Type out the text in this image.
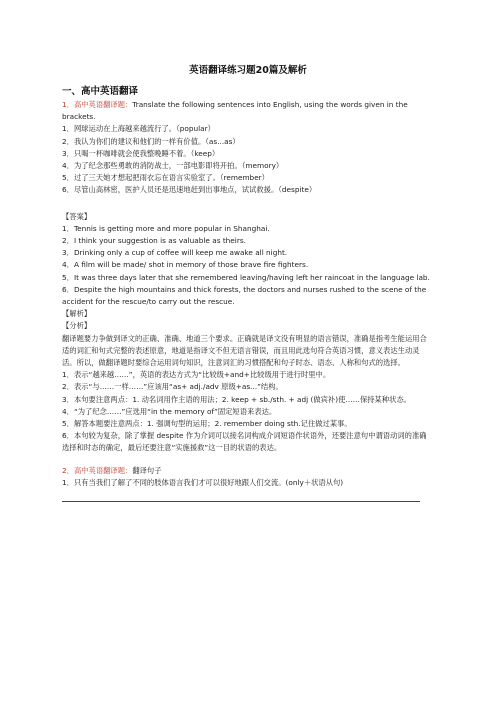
英语翻译练习题20篇及解析
一、高中英语翻译

1．高中英语翻译题：Translate the following sentences into English, using the words given in the brackets.

1．网球运动在上海越来越流行了。（popular）

2．我认为你们的建议和他们的一样有价值。（as...as）

3．只喝一杯咖啡就会使我整晚睡不着。（keep）

4．为了纪念那些勇敢的消防战士，一部电影即将开拍。（memory）

5．过了三天她才想起把雨衣忘在语言实验室了。（remember）

6．尽管山高林密，医护人员还是迅速地赶到出事地点，试试救援。（despite）

【答案】

1．Tennis is getting more and more popular in Shanghai.

2．I think your suggestion is as valuable as theirs.

3．Drinking only a cup of coffee will keep me awake all night.

4．A film will be made/ shot in memory of those brave fire fighters.

5．It was three days later that she remembered leaving/having left her raincoat in the language lab.

6．Despite the high mountains and thick forests, the doctors and nurses rushed to the scene of the accident for the rescue/to carry out the rescue.

【解析】

【分析】

翻译题要力争做到译文的正确、准确、地道三个要求。正确就是译文没有明显的语言错误，准确是指考生能运用合适的词汇和句式完整的表述原意，地道是指译文不但无语言错误，而且用此选句符合英语习惯，意义表达生动灵活。所以，做翻译题时要综合运用词句知识，注意词汇的习惯搭配和句子时态、语态、人称和句式的选择。

1．表示“越来越……”，英语的表达方式为“比较级+and+比较级用于进行时里中。

2．表示“与……一样……”应该用“as+ adj./adv 原级+as...”结构。

3．本句要注意两点：1. 动名词用作主语的用法；2. keep + sb./sth. + adj (做宾补)使……保持某种状态。

4．“为了纪念……”应选用“in the memory of”固定短语来表达。

5．解答本题要注意两点：1. 强调句型的运用；2. remember doing sth.记住做过某事。

6．本句较为复杂，除了掌握 despite 作为介词可以接名词构成介词短语作状语外，还要注意句中谓语动词的准确选择和时态的确定，最后还要注意“实施援救”这一目的状语的表达。

2．高中英语翻译题：翻译句子

1．只有当我们了解了不同的肢体语言我们才可以很好地跟人们交流。(only＋状语从句)
